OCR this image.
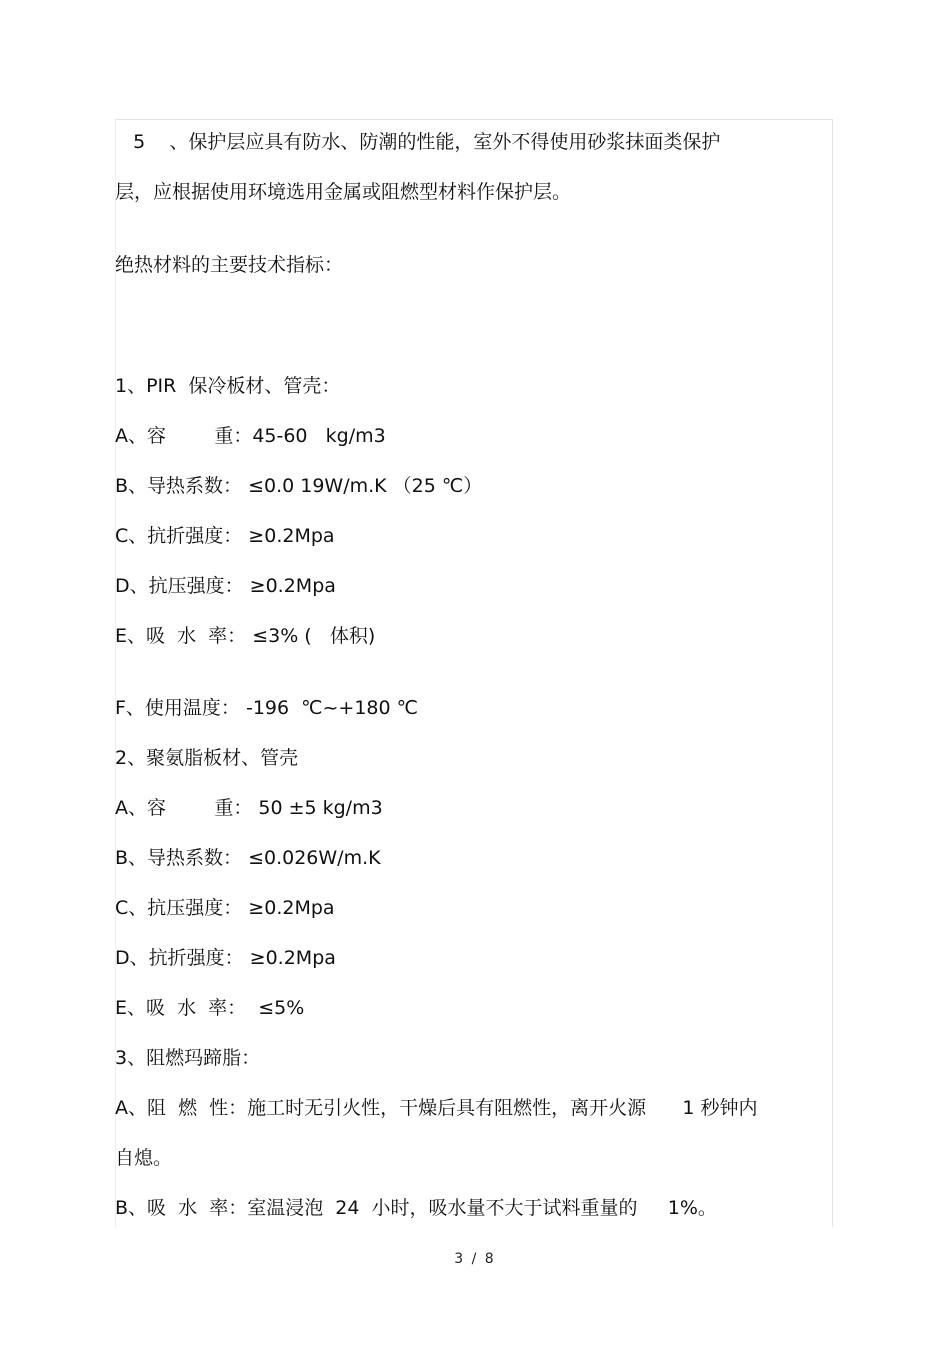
5    、保护层应具有防水、防潮的性能，室外不得使用砂浆抹面类保护
层，应根据使用环境选用金属或阻燃型材料作保护层。
绝热材料的主要技术指标：
1、PIR  保冷板材、管壳：
A、容        重：45-60   kg/m3
B、导热系数： ≤0.0 19W/m.K （25 ℃）
C、抗折强度： ≥0.2Mpa
D、抗压强度： ≥0.2Mpa
E、吸  水  率： ≤3% (   体积)
F、使用温度： -196  ℃~+180 ℃
2、聚氨脂板材、管壳
A、容        重： 50 ±5 kg/m3
B、导热系数： ≤0.026W/m.K
C、抗压强度： ≥0.2Mpa
D、抗折强度： ≥0.2Mpa
E、吸  水  率：  ≤5%
3、阻燃玛蹄脂：
A、阻  燃  性：施工时无引火性，干燥后具有阻燃性，离开火源      1 秒钟内
自熄。
B、吸  水  率：室温浸泡  24  小时，吸水量不大于试料重量的     1%。
3 / 8
